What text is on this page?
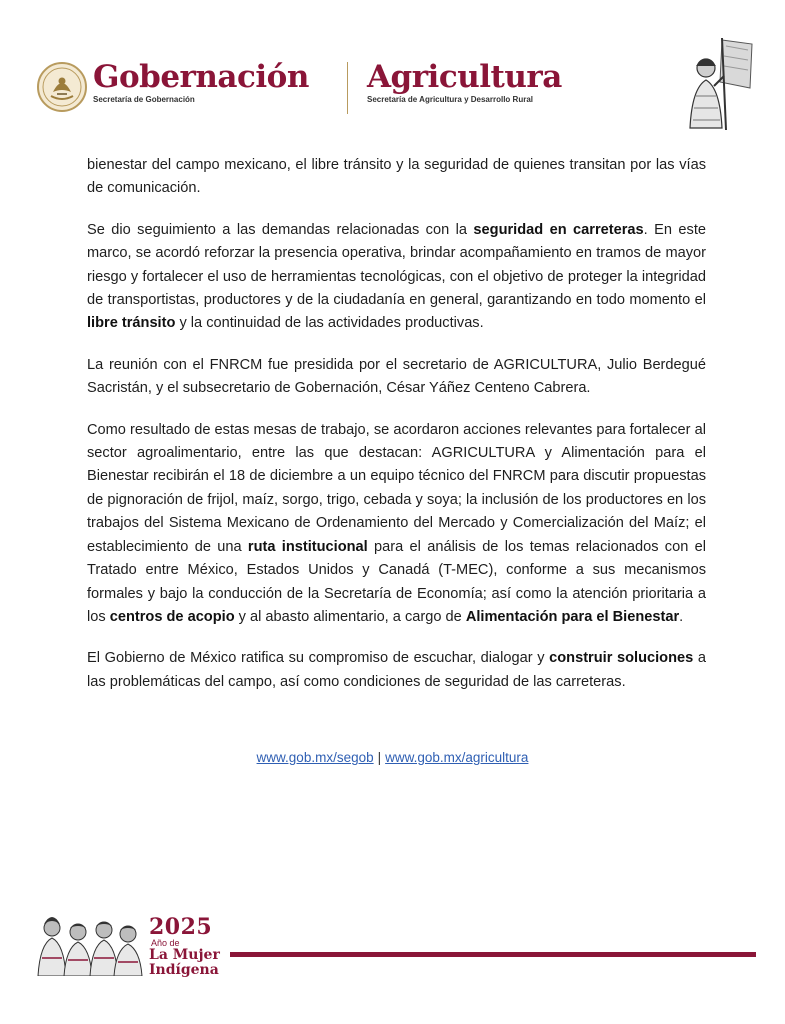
Gobernación
Secretaría de Gobernación
Agricultura
Secretaría de Agricultura y Desarrollo Rural

bienestar del campo mexicano, el libre tránsito y la seguridad de quienes transitan por las vías de comunicación.

Se dio seguimiento a las demandas relacionadas con la seguridad en carreteras. En este marco, se acordó reforzar la presencia operativa, brindar acompañamiento en tramos de mayor riesgo y fortalecer el uso de herramientas tecnológicas, con el objetivo de proteger la integridad de transportistas, productores y de la ciudadanía en general, garantizando en todo momento el libre tránsito y la continuidad de las actividades productivas.

La reunión con el FNRCM fue presidida por el secretario de AGRICULTURA, Julio Berdegué Sacristán, y el subsecretario de Gobernación, César Yáñez Centeno Cabrera.

Como resultado de estas mesas de trabajo, se acordaron acciones relevantes para fortalecer al sector agroalimentario, entre las que destacan: AGRICULTURA y Alimentación para el Bienestar recibirán el 18 de diciembre a un equipo técnico del FNRCM para discutir propuestas de pignoración de frijol, maíz, sorgo, trigo, cebada y soya; la inclusión de los productores en los trabajos del Sistema Mexicano de Ordenamiento del Mercado y Comercialización del Maíz; el establecimiento de una ruta institucional para el análisis de los temas relacionados con el Tratado entre México, Estados Unidos y Canadá (T-MEC), conforme a sus mecanismos formales y bajo la conducción de la Secretaría de Economía; así como la atención prioritaria a los centros de acopio y al abasto alimentario, a cargo de Alimentación para el Bienestar.

El Gobierno de México ratifica su compromiso de escuchar, dialogar y construir soluciones a las problemáticas del campo, así como condiciones de seguridad de las carreteras.

www.gob.mx/segob | www.gob.mx/agricultura
2025
Año de
La Mujer
Indígena
